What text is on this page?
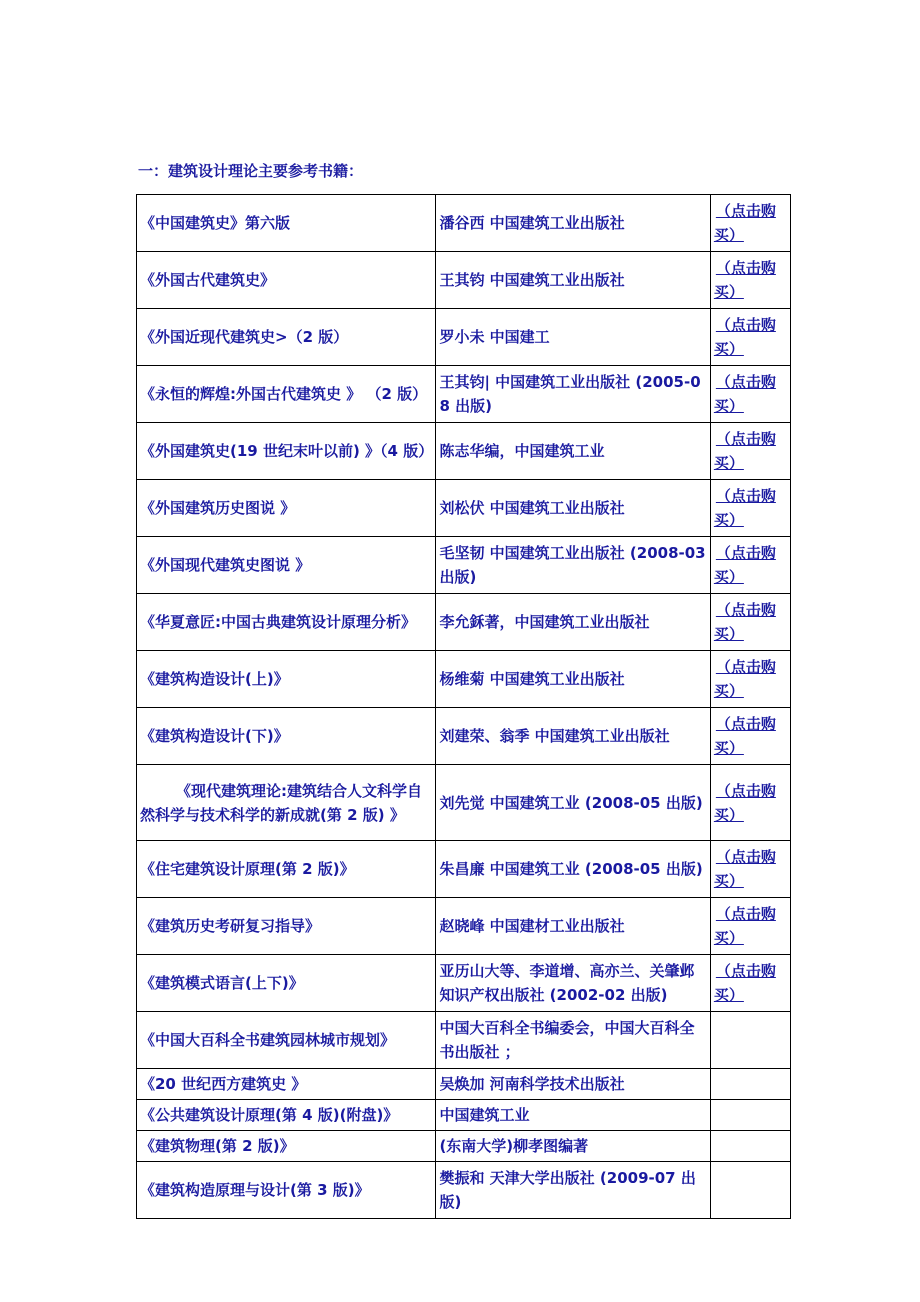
一：建筑设计理论主要参考书籍：
《中国建筑史》第六版	潘谷西 中国建筑工业出版社	（点击购买）
《外国古代建筑史》	王其钧 中国建筑工业出版社	（点击购买）
《外国近现代建筑史>（2 版）	罗小未 中国建工	（点击购买）
《永恒的辉煌:外国古代建筑史 》 （2 版）	王其钧| 中国建筑工业出版社 (2005-08 出版)	（点击购买）
《外国建筑史(19 世纪末叶以前) 》（4 版）	陈志华编，中国建筑工业	（点击购买）
《外国建筑历史图说 》	刘松伏 中国建筑工业出版社	（点击购买）
《外国现代建筑史图说 》	毛坚韧 中国建筑工业出版社 (2008-03 出版)	（点击购买）
《华夏意匠:中国古典建筑设计原理分析》	李允鉌著，中国建筑工业出版社	（点击购买）
《建筑构造设计(上)》	杨维菊 中国建筑工业出版社	（点击购买）
《建筑构造设计(下)》	刘建荣、翁季 中国建筑工业出版社	（点击购买）
《现代建筑理论:建筑结合人文科学自然科学与技术科学的新成就(第 2 版) 》	刘先觉 中国建筑工业 (2008-05 出版)	（点击购买）
《住宅建筑设计原理(第 2 版)》	朱昌廉 中国建筑工业 (2008-05 出版)	（点击购买）
《建筑历史考研复习指导》	赵晓峰 中国建材工业出版社	（点击购买）
《建筑模式语言(上下)》	亚历山大等、李道增、高亦兰、关肇邺 知识产权出版社 (2002-02 出版)	（点击购买）
《中国大百科全书建筑园林城市规划》	中国大百科全书编委会，中国大百科全书出版社 ；	
《20 世纪西方建筑史 》	吴焕加 河南科学技术出版社	
《公共建筑设计原理(第 4 版)(附盘)》	中国建筑工业	
《建筑物理(第 2 版)》	(东南大学)柳孝图编著	
《建筑构造原理与设计(第 3 版)》	樊振和 天津大学出版社 (2009-07 出版)	
